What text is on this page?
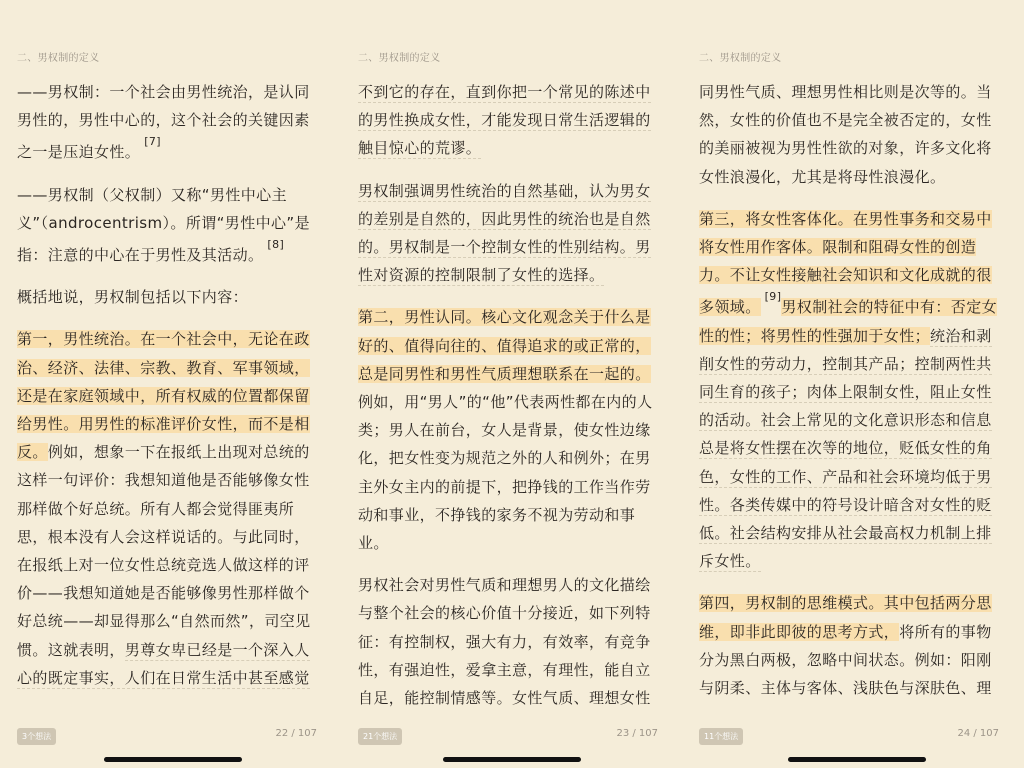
二、男权制的定义

——男权制：一个社会由男性统治，是认同男性的，男性中心的，这个社会的关键因素之一是压迫女性。[7]

——男权制（父权制）又称“男性中心主义”（androcentrism）。所谓“男性中心”是指：注意的中心在于男性及其活动。[8]

概括地说，男权制包括以下内容：

第一，男性统治。在一个社会中，无论在政治、经济、法律、宗教、教育、军事领域，还是在家庭领域中，所有权威的位置都保留给男性。用男性的标准评价女性，而不是相反。例如，想象一下在报纸上出现对总统的这样一句评价：我想知道他是否能够像女性那样做个好总统。所有人都会觉得匪夷所思，根本没有人会这样说话的。与此同时，在报纸上对一位女性总统竞选人做这样的评价——我想知道她是否能够像男性那样做个好总统——却显得那么“自然而然”，司空见惯。这就表明，男尊女卑已经是一个深入人心的既定事实，人们在日常生活中甚至感觉

3个想法	22 / 107
二、男权制的定义

不到它的存在，直到你把一个常见的陈述中的男性换成女性，才能发现日常生活逻辑的触目惊心的荒谬。

男权制强调男性统治的自然基础，认为男女的差别是自然的，因此男性的统治也是自然的。男权制是一个控制女性的性别结构。男性对资源的控制限制了女性的选择。

第二，男性认同。核心文化观念关于什么是好的、值得向往的、值得追求的或正常的，总是同男性和男性气质理想联系在一起的。例如，用“男人”的“他”代表两性都在内的人类；男人在前台，女人是背景，使女性边缘化，把女性变为规范之外的人和例外；在男主外女主内的前提下，把挣钱的工作当作劳动和事业，不挣钱的家务不视为劳动和事业。

男权社会对男性气质和理想男人的文化描绘与整个社会的核心价值十分接近，如下列特征：有控制权，强大有力，有效率，有竞争性，有强迫性，爱拿主意，有理性，能自立自足，能控制情感等。女性气质、理想女性

21个想法	23 / 107
二、男权制的定义

同男性气质、理想男性相比则是次等的。当然，女性的价值也不是完全被否定的，女性的美丽被视为男性性欲的对象，许多文化将女性浪漫化，尤其是将母性浪漫化。

第三，将女性客体化。在男性事务和交易中将女性用作客体。限制和阻碍女性的创造力。不让女性接触社会知识和文化成就的很多领域。[9]男权制社会的特征中有：否定女性的性；将男性的性强加于女性；统治和剥削女性的劳动力，控制其产品；控制两性共同生育的孩子；肉体上限制女性，阻止女性的活动。社会上常见的文化意识形态和信息总是将女性摆在次等的地位，贬低女性的角色，女性的工作、产品和社会环境均低于男性。各类传媒中的符号设计暗含对女性的贬低。社会结构安排从社会最高权力机制上排斥女性。

第四，男权制的思维模式。其中包括两分思维，即非此即彼的思考方式，将所有的事物分为黑白两极，忽略中间状态。例如：阳刚与阴柔、主体与客体、浅肤色与深肤色、理

11个想法	24 / 107
